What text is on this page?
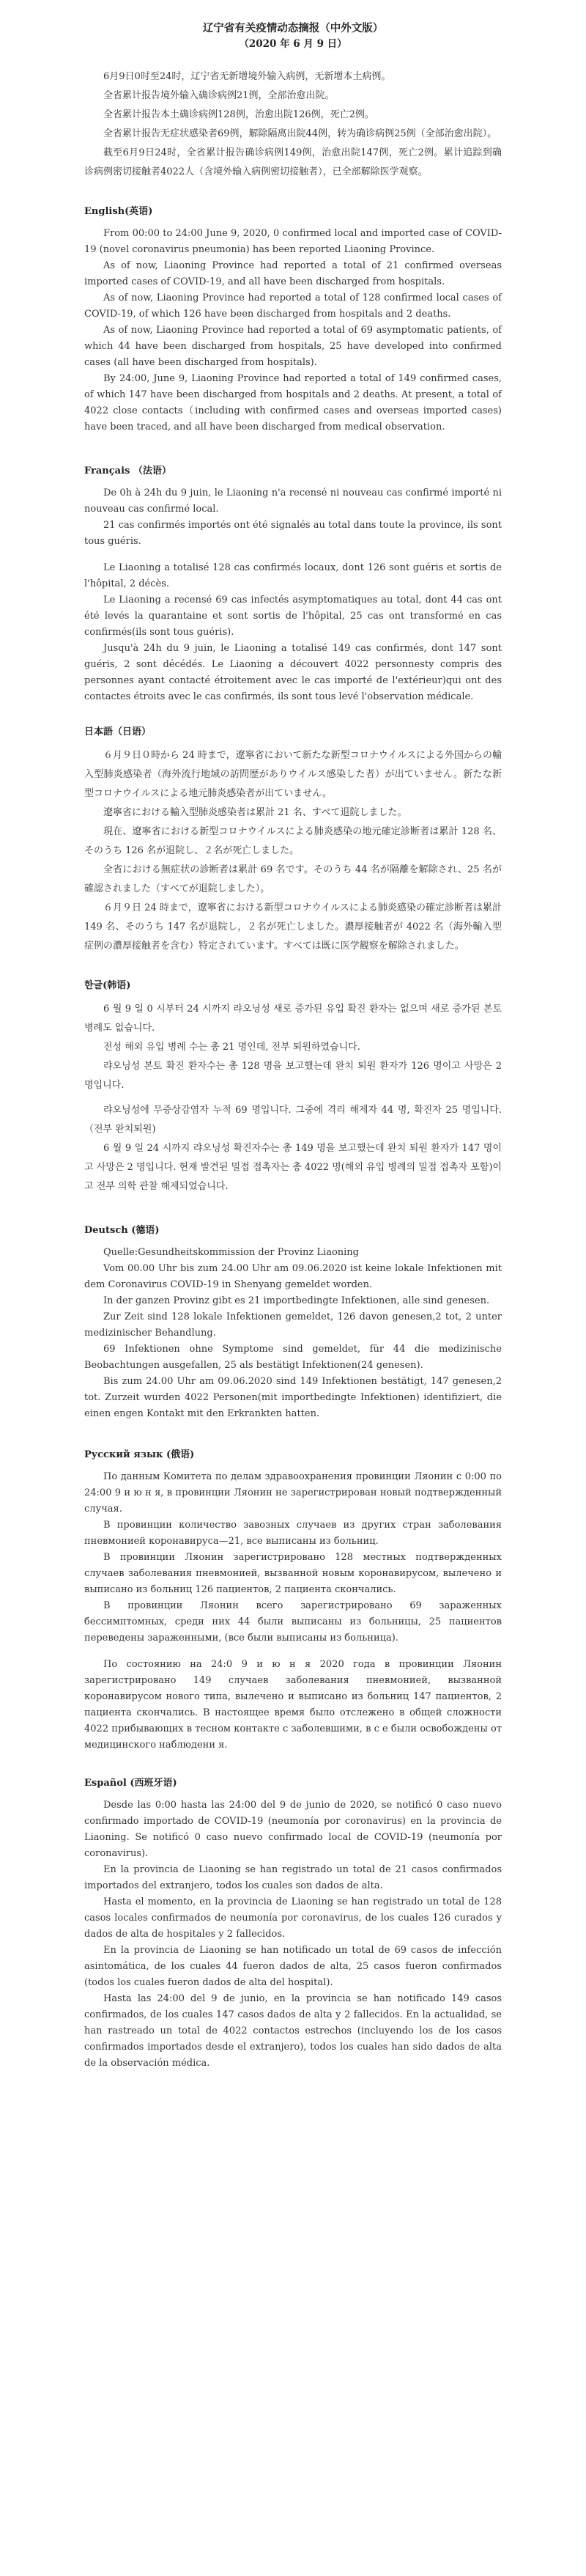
辽宁省有关疫情动态摘报（中外文版）
（2020 年 6 月 9 日）

6月9日0时至24时，辽宁省无新增境外输入病例，无新增本土病例。

全省累计报告境外输入确诊病例21例，全部治愈出院。

全省累计报告本土确诊病例128例，治愈出院126例，死亡2例。

全省累计报告无症状感染者69例，解除隔离出院44例，转为确诊病例25例（全部治愈出院）。

截至6月9日24时，全省累计报告确诊病例149例，治愈出院147例，死亡2例。累计追踪到确诊病例密切接触者4022人（含境外输入病例密切接触者），已全部解除医学观察。

English(英语)

From 00:00 to 24:00 June 9, 2020, 0 confirmed local and imported case of COVID-19 (novel coronavirus pneumonia) has been reported Liaoning Province.

As of now, Liaoning Province had reported a total of 21 confirmed overseas imported cases of COVID-19, and all have been discharged from hospitals.

As of now, Liaoning Province had reported a total of 128 confirmed local cases of COVID-19, of which 126 have been discharged from hospitals and 2 deaths.

As of now, Liaoning Province had reported a total of 69 asymptomatic patients, of which 44 have been discharged from hospitals, 25 have developed into confirmed cases (all have been discharged from hospitals).

By 24:00, June 9, Liaoning Province had reported a total of 149 confirmed cases, of which 147 have been discharged from hospitals and 2 deaths. At present, a total of 4022 close contacts（including with confirmed cases and overseas imported cases) have been traced, and all have been discharged from medical observation.

Français （法语）

De 0h à 24h du 9 juin, le Liaoning n'a recensé ni nouveau cas confirmé importé ni nouveau cas confirmé local.

21 cas confirmés importés ont été signalés au total dans toute la province, ils sont tous guéris.

Le Liaoning a totalisé 128 cas confirmés locaux, dont 126 sont guéris et sortis de l'hôpital, 2 décès.

Le Liaoning a recensé 69 cas infectés asymptomatiques au total, dont 44 cas ont été levés la quarantaine et sont sortis de l'hôpital, 25 cas ont transformé en cas confirmés(ils sont tous guéris).

Jusqu'à 24h du 9 juin, le Liaoning a totalisé 149 cas confirmés, dont 147 sont guéris, 2 sont décédés. Le Liaoning a découvert 4022 personnesty compris des personnes ayant contacté étroitement avec le cas importé de l'extérieur)qui ont des contactes étroits avec le cas confirmés, ils sont tous levé l'observation médicale.

日本語（日语）

６月９日０時から 24 時まで，遼寧省において新たな新型コロナウイルスによる外国からの輸入型肺炎感染者（海外流行地域の訪問歴がありウイルス感染した者）が出ていません。新たな新型コロナウイルスによる地元肺炎感染者が出ていません。

遼寧省における輸入型肺炎感染者は累計 21 名、すべて退院しました。

現在、遼寧省における新型コロナウイルスによる肺炎感染の地元確定診断者は累計 128 名、そのうち 126 名が退院し、２名が死亡しました。

全省における無症状の診断者は累計 69 名です。そのうち 44 名が隔離を解除され、25 名が確認されました（すべてが退院しました）。

６月９日 24 時まで，遼寧省における新型コロナウイルスによる肺炎感染の確定診断者は累計 149 名、そのうち 147 名が退院し，２名が死亡しました。濃厚接触者が 4022 名（海外輸入型症例の濃厚接触者を含む）特定されています。すべては既に医学観察を解除されました。

한글(韩语)

6 월 9 일 0 시부터 24 시까지 랴오닝성 새로 증가된 유입 확진 환자는 없으며 새로 증가된 본토 병례도 없습니다.

전성 해외 유입 병례 수는 총 21 명인데, 전부 퇴원하였습니다.

랴오닝성 본토 확진 환자수는 총 128 명을 보고했는데 완치 퇴원 환자가 126 명이고 사망은 2 명입니다.

랴오닝성에 무증상감염자 누적 69 명입니다. 그중에 격리 해제자 44 명, 확진자 25 명입니다. （전부 완치퇴원)

6 월 9 일 24 시까지 랴오닝성 확진자수는 총 149 명을 보고했는데 완치 퇴원 환자가 147 명이고 사망은 2 명입니다. 현재 발견된 밀접 접촉자는 총 4022 명(해외 유입 병례의 밀접 접촉자 포함)이고 전부 의학 관찰 해제되었습니다.

Deutsch (德语)

Quelle:Gesundheitskommission der Provinz Liaoning

Vom 00.00 Uhr bis zum 24.00 Uhr am 09.06.2020 ist keine lokale Infektionen mit dem Coronavirus COVID-19 in Shenyang gemeldet worden.

In der ganzen Provinz gibt es 21 importbedingte Infektionen, alle sind genesen.

Zur Zeit sind 128 lokale Infektionen gemeldet, 126 davon genesen,2 tot, 2 unter medizinischer Behandlung.

69 Infektionen ohne Symptome sind gemeldet, für 44 die medizinische Beobachtungen ausgefallen, 25 als bestätigt Infektionen(24 genesen).

Bis zum 24.00 Uhr am 09.06.2020 sind 149 Infektionen bestätigt, 147 genesen,2 tot. Zurzeit wurden 4022 Personen(mit importbedingte Infektionen) identifiziert, die einen engen Kontakt mit den Erkrankten hatten.

Русский язык (俄语)

По данным Комитета по делам здравоохранения провинции Ляонин с 0:00 по 24:00 9 и ю н я, в провинции Ляонин не зарегистрирован новый подтвержденный случая.

В провинции количество завозных случаев из других стран заболевания пневмонией коронавируса—21, все выписаны из больниц.

В провинции Ляонин зарегистрировано 128 местных подтвержденных случаев заболевания пневмонией, вызванной новым коронавирусом, вылечено и выписано из больниц 126 пациентов, 2 пациента скончались.

В провинции Ляонин всего зарегистрировано 69 зараженных бессимптомных, среди них 44 были выписаны из больницы, 25 пациентов переведены зараженными, (все были выписаны из больница).

По состоянию на 24:0 9 и ю н я 2020 года в провинции Ляонин зарегистрировано 149 случаев заболевания пневмонией, вызванной коронавирусом нового типа, вылечено и выписано из больниц 147 пациентов, 2 пациента скончались. В настоящее время было отслежено в общей сложности 4022 прибывающих в тесном контакте с заболевшими, в с е были освобождены от медицинского наблюдени я.

Español (西班牙语)

Desde las 0:00 hasta las 24:00 del 9 de junio de 2020, se notificó 0 caso nuevo confirmado importado de COVID-19 (neumonía por coronavirus) en la provincia de Liaoning. Se notificó 0 caso nuevo confirmado local de COVID-19 (neumonía por coronavirus).

En la provincia de Liaoning se han registrado un total de 21 casos confirmados importados del extranjero, todos los cuales son dados de alta.

Hasta el momento, en la provincia de Liaoning se han registrado un total de 128 casos locales confirmados de neumonía por coronavirus, de los cuales 126 curados y dados de alta de hospitales y 2 fallecidos.

En la provincia de Liaoning se han notificado un total de 69 casos de infección asintomática, de los cuales 44 fueron dados de alta, 25 casos fueron confirmados (todos los cuales fueron dados de alta del hospital).

Hasta las 24:00 del 9 de junio, en la provincia se han notificado 149 casos confirmados, de los cuales 147 casos dados de alta y 2 fallecidos. En la actualidad, se han rastreado un total de 4022 contactos estrechos (incluyendo los de los casos confirmados importados desde el extranjero), todos los cuales han sido dados de alta de la observación médica.
